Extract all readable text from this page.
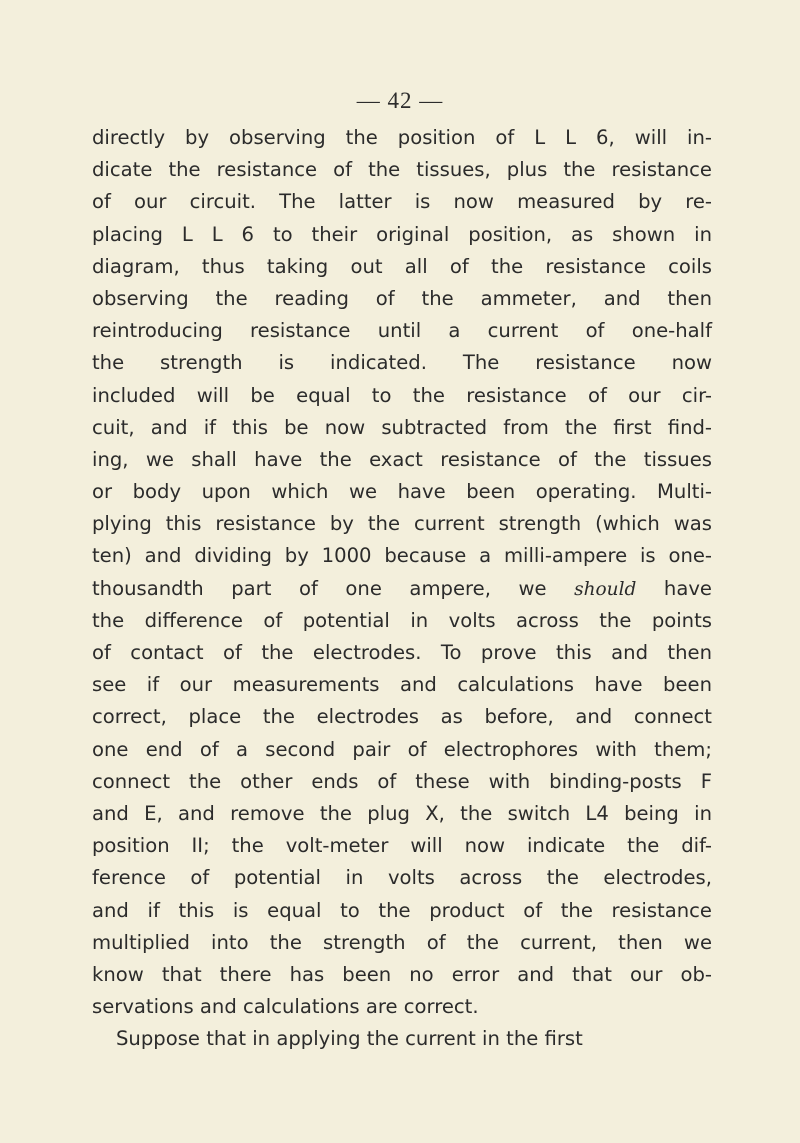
— 42 —
directly by observing the position of L L 6, will in-
dicate the resistance of the tissues, plus the resistance
of our circuit. The latter is now measured by re-
placing L L 6 to their original position, as shown in
diagram, thus taking out all of the resistance coils
observing the reading of the ammeter, and then
reintroducing resistance until a current of one-half
the strength is indicated. The resistance now
included will be equal to the resistance of our cir-
cuit, and if this be now subtracted from the first find-
ing, we shall have the exact resistance of the tissues
or body upon which we have been operating. Multi-
plying this resistance by the current strength (which was
ten) and dividing by 1000 because a milli-ampere is one-
thousandth part of one ampere, we should have
the difference of potential in volts across the points
of contact of the electrodes. To prove this and then
see if our measurements and calculations have been
correct, place the electrodes as before, and connect
one end of a second pair of electrophores with them;
connect the other ends of these with binding-posts F
and E, and remove the plug X, the switch L4 being in
position II; the volt-meter will now indicate the dif-
ference of potential in volts across the electrodes,
and if this is equal to the product of the resistance
multiplied into the strength of the current, then we
know that there has been no error and that our ob-
servations and calculations are correct.
Suppose that in applying the current in the first
